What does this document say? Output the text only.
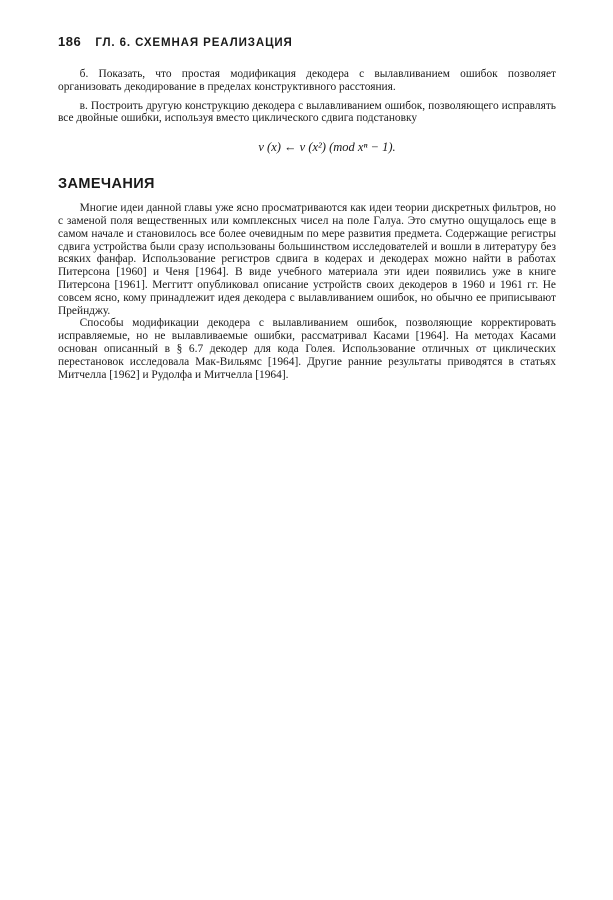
186 ГЛ. 6. СХЕМНАЯ РЕАЛИЗАЦИЯ

б. Показать, что простая модификация декодера с вылавливанием ошибок позволяет организовать декодирование в пределах конструктивного расстояния.

в. Построить другую конструкцию декодера с вылавливанием ошибок, позволяющего исправлять все двойные ошибки, используя вместо циклического сдвига подстановку

v (x) ← v (x²) (mod xⁿ − 1).
ЗАМЕЧАНИЯ

Многие идеи данной главы уже ясно просматриваются как идеи теории дискретных фильтров, но с заменой поля вещественных или комплексных чисел на поле Галуа. Это смутно ощущалось еще в самом начале и становилось все более очевидным по мере развития предмета. Содержащие регистры сдвига устройства были сразу использованы большинством исследователей и вошли в литературу без всяких фанфар. Использование регистров сдвига в кодерах и декодерах можно найти в работах Питерсона [1960] и Ченя [1964]. В виде учебного материала эти идеи появились уже в книге Питерсона [1961]. Меггитт опубликовал описание устройств своих декодеров в 1960 и 1961 гг. Не совсем ясно, кому принадлежит идея декодера с вылавливанием ошибок, но обычно ее приписывают Прейнджу.

Способы модификации декодера с вылавливанием ошибок, позволяющие корректировать исправляемые, но не вылавливаемые ошибки, рассматривал Касами [1964]. На методах Касами основан описанный в § 6.7 декодер для кода Голея. Использование отличных от циклических перестановок исследовала Мак-Вильямс [1964]. Другие ранние результаты приводятся в статьях Митчелла [1962] и Рудолфа и Митчелла [1964].
